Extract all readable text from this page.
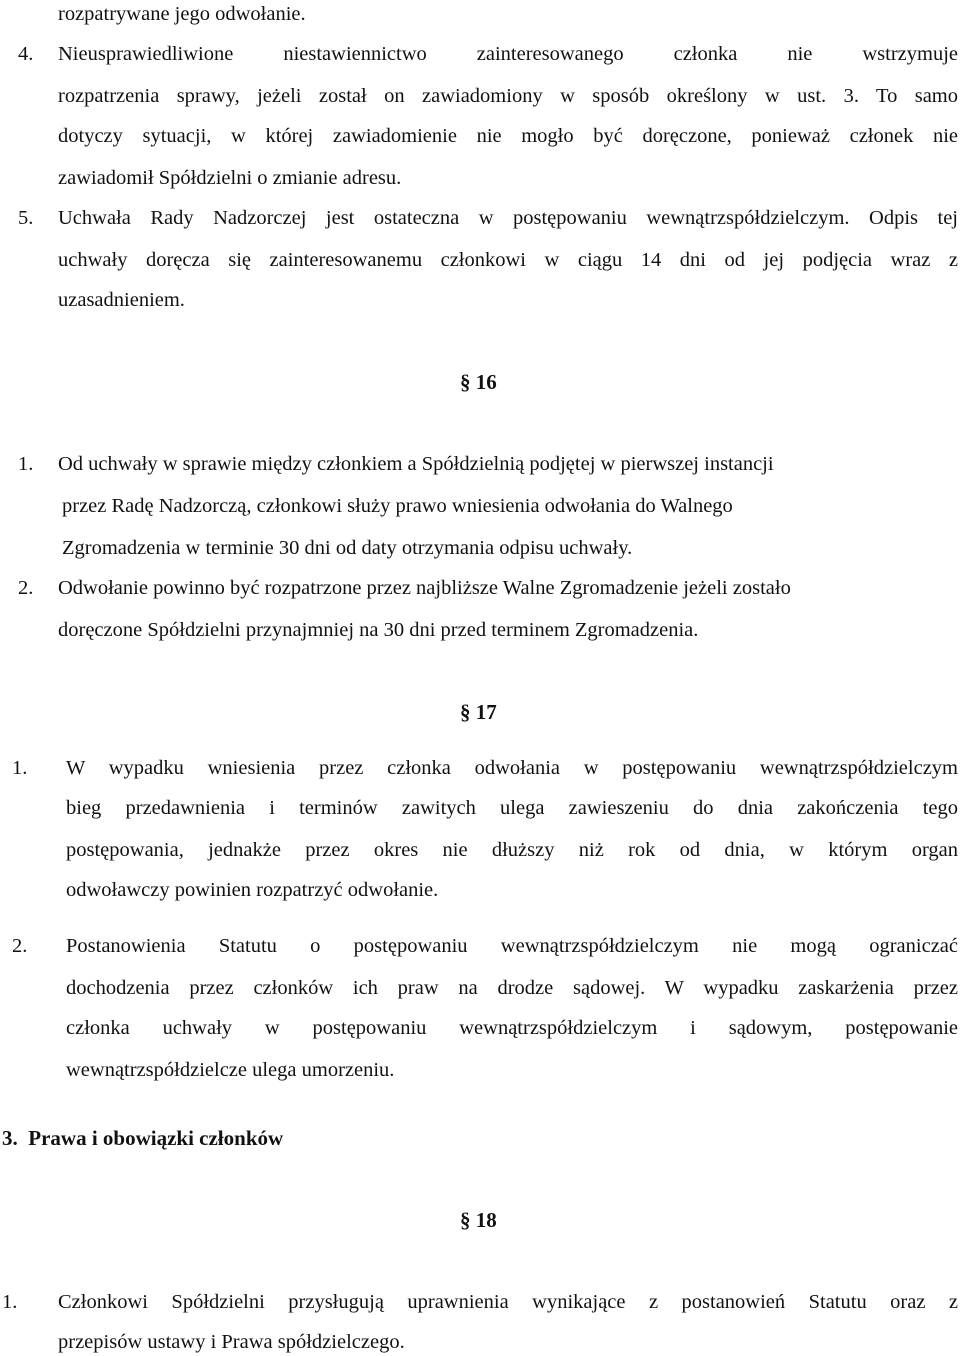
rozpatrywane jego odwołanie.
4. Nieusprawiedliwione niestawiennictwo zainteresowanego członka nie wstrzymuje
rozpatrzenia sprawy, jeżeli został on zawiadomiony w sposób określony w ust. 3. To samo
dotyczy sytuacji, w której zawiadomienie nie mogło być doręczone, ponieważ członek nie
zawiadomił Spółdzielni o zmianie adresu.
5. Uchwała Rady Nadzorczej jest ostateczna w postępowaniu wewnątrzspółdzielczym. Odpis tej
uchwały doręcza się zainteresowanemu członkowi w ciągu 14 dni od jej podjęcia wraz z
uzasadnieniem.
§ 16
1. Od uchwały w sprawie między członkiem a Spółdzielnią podjętej w pierwszej instancji
przez Radę Nadzorczą, członkowi służy prawo wniesienia odwołania do Walnego
Zgromadzenia w terminie 30 dni od daty otrzymania odpisu uchwały.
2. Odwołanie powinno być rozpatrzone przez najbliższe Walne Zgromadzenie jeżeli zostało
doręczone Spółdzielni przynajmniej na 30 dni przed terminem Zgromadzenia.
§ 17
1. W wypadku wniesienia przez członka odwołania w postępowaniu wewnątrzspółdzielczym
bieg przedawnienia i terminów zawitych ulega zawieszeniu do dnia zakończenia tego
postępowania, jednakże przez okres nie dłuższy niż rok od dnia, w którym organ
odwoławczy powinien rozpatrzyć odwołanie.
2. Postanowienia Statutu o postępowaniu wewnątrzspółdzielczym nie mogą ograniczać
dochodzenia przez członków ich praw na drodze sądowej. W wypadku zaskarżenia przez
członka uchwały w postępowaniu wewnątrzspółdzielczym i sądowym, postępowanie
wewnątrzspółdzielcze ulega umorzeniu.
3.  Prawa i obowiązki członków
§ 18
1. Członkowi Spółdzielni przysługują uprawnienia wynikające z postanowień Statutu oraz z
przepisów ustawy i Prawa spółdzielczego.
